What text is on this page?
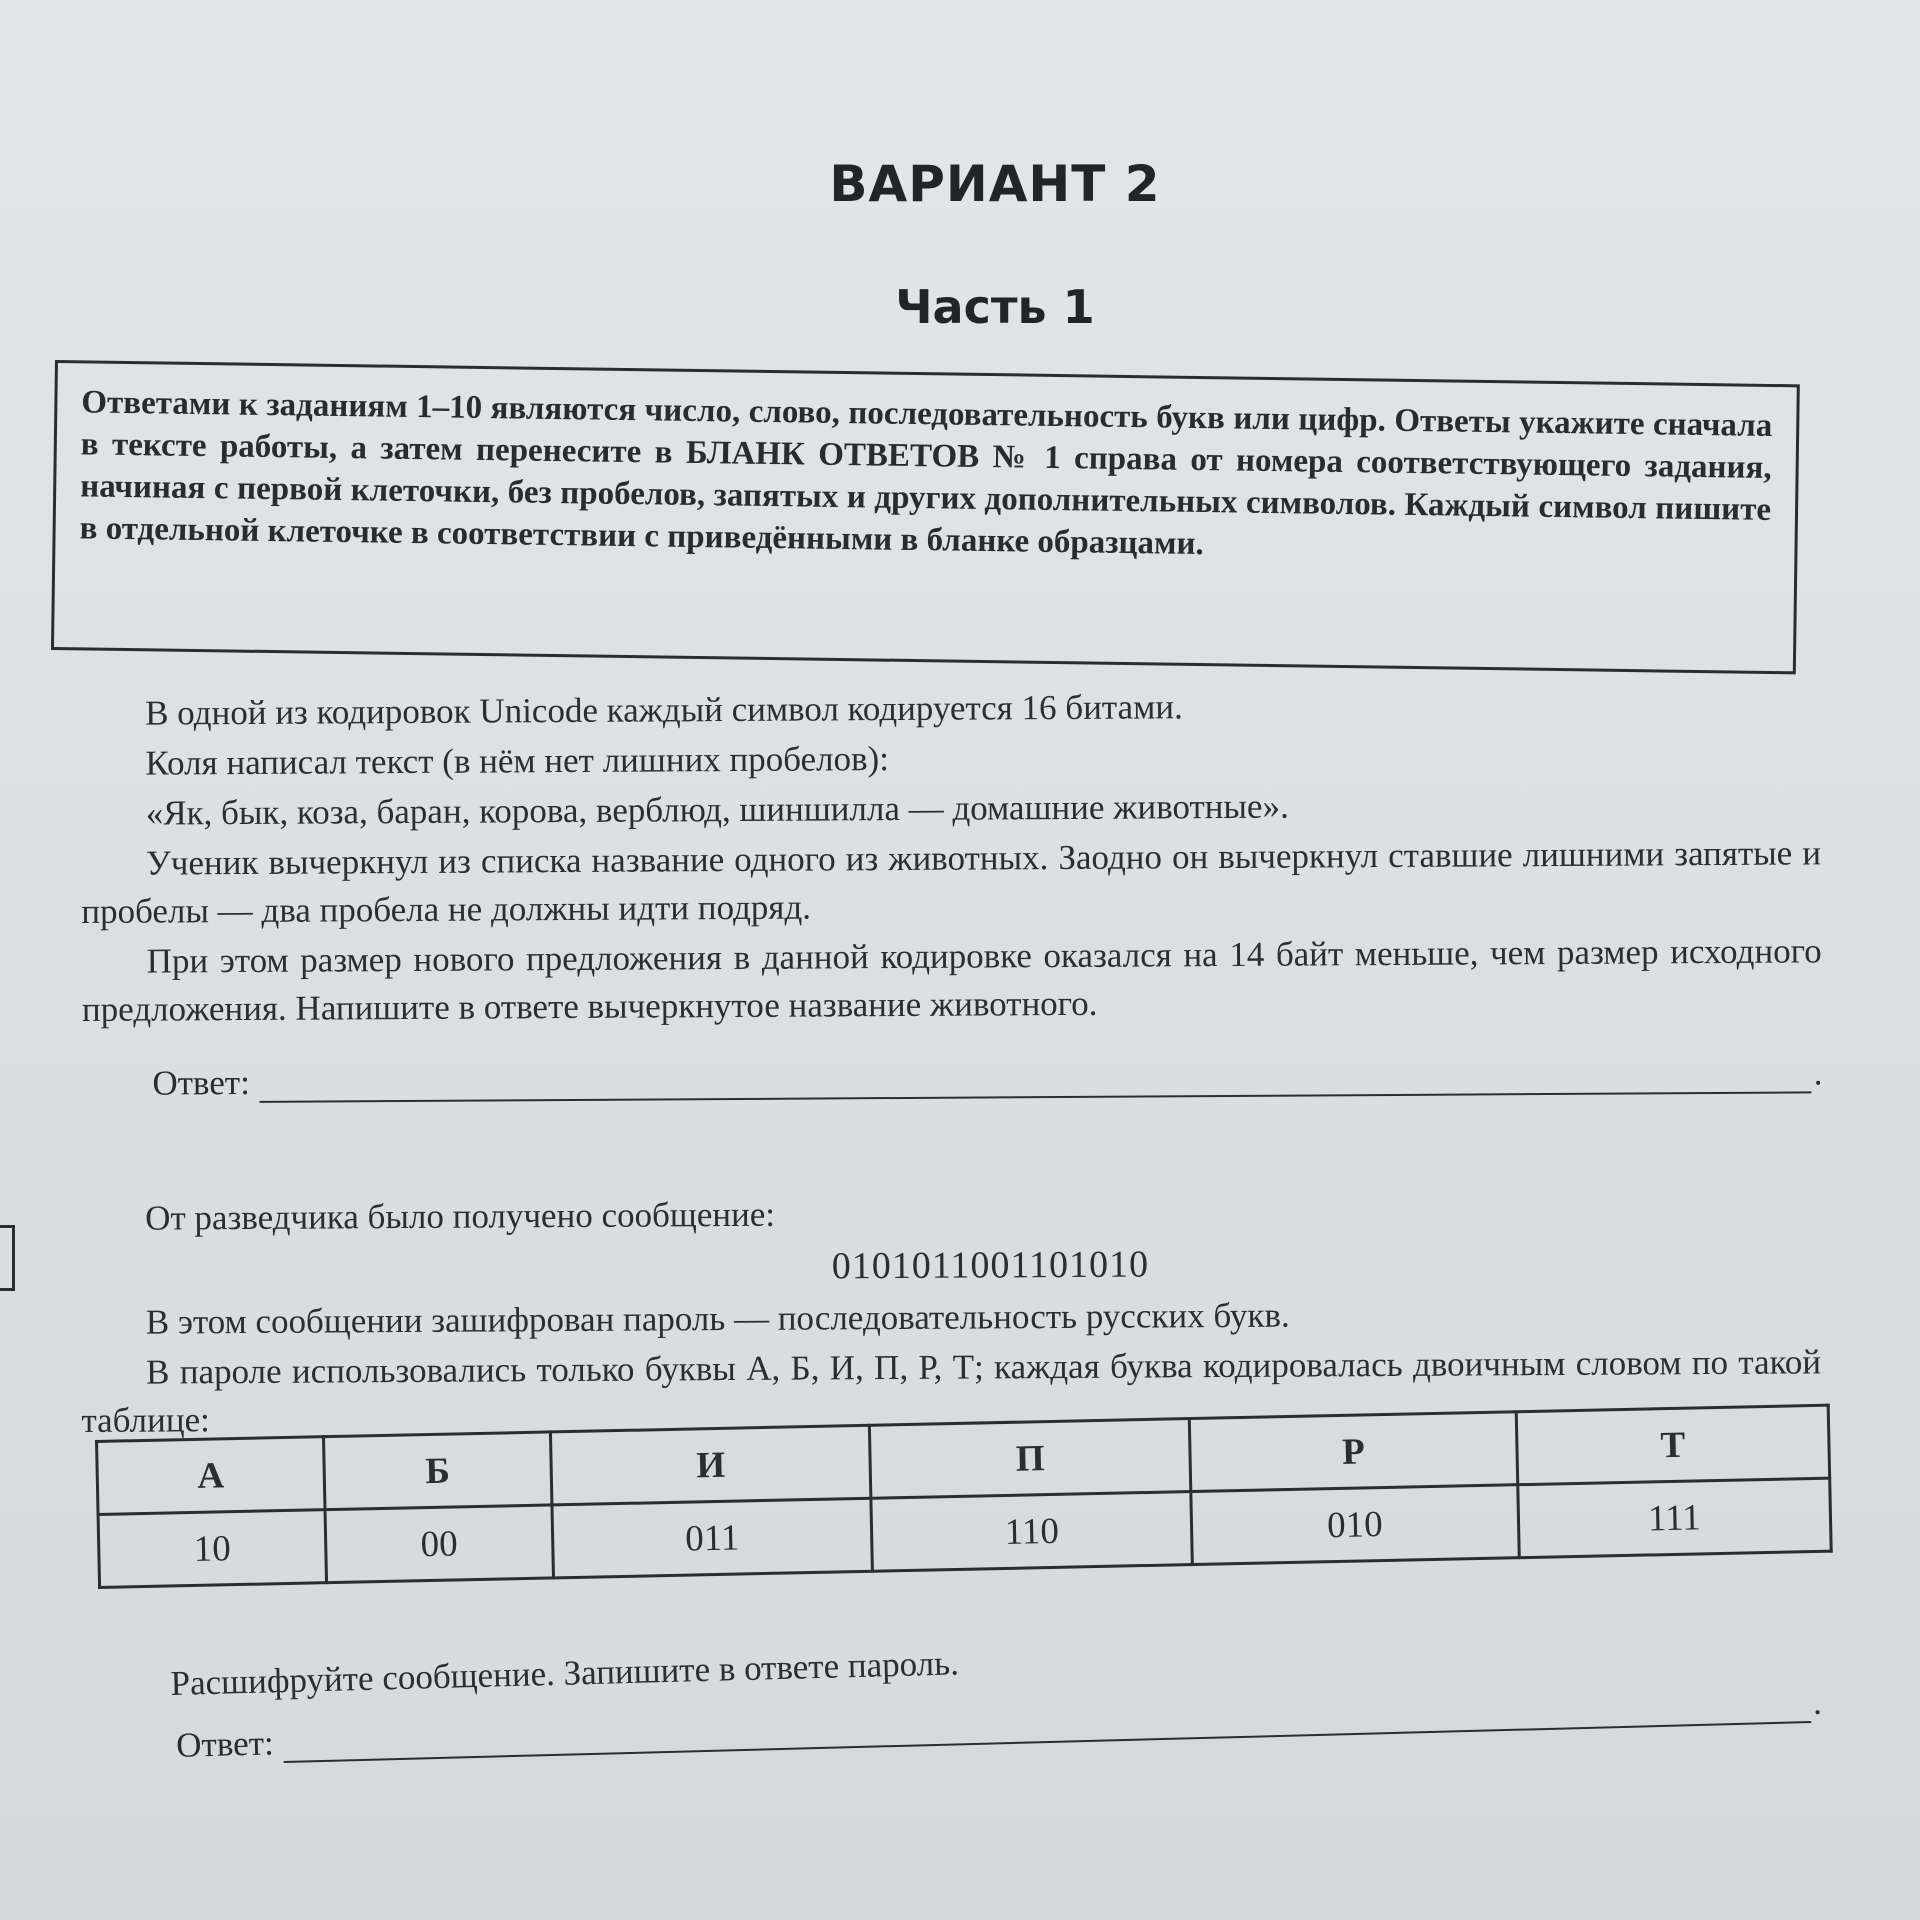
ВАРИАНТ 2
Часть 1
Ответами к заданиям 1–10 являются число, слово, последовательность букв или цифр. Ответы укажите сначала в тексте работы, а затем перенесите в БЛАНК ОТВЕТОВ № 1 справа от номера соответствующего задания, начиная с первой клеточки, без пробелов, запятых и других дополнительных символов. Каждый символ пишите в отдельной клеточке в соответствии с приведёнными в бланке образцами.

В одной из кодировок Unicode каждый символ кодируется 16 битами.

Коля написал текст (в нём нет лишних пробелов):

«Як, бык, коза, баран, корова, верблюд, шиншилла — домашние животные».

Ученик вычеркнул из списка название одного из животных. Заодно он вычеркнул ставшие лишними запятые и пробелы — два пробела не должны идти подряд.

При этом размер нового предложения в данной кодировке оказался на 14 байт меньше, чем размер исходного предложения. Напишите в ответе вычеркнутое название животного.

Ответ:	.

От разведчика было получено сообщение:

0101011001101010

В этом сообщении зашифрован пароль — последовательность русских букв.

В пароле использовались только буквы А, Б, И, П, Р, Т; каждая буква кодировалась двоичным словом по такой таблице:

А	Б	И	П	Р	Т
10	00	011	110	010	111

Расшифруйте сообщение. Запишите в ответе пароль.

Ответ:
.
